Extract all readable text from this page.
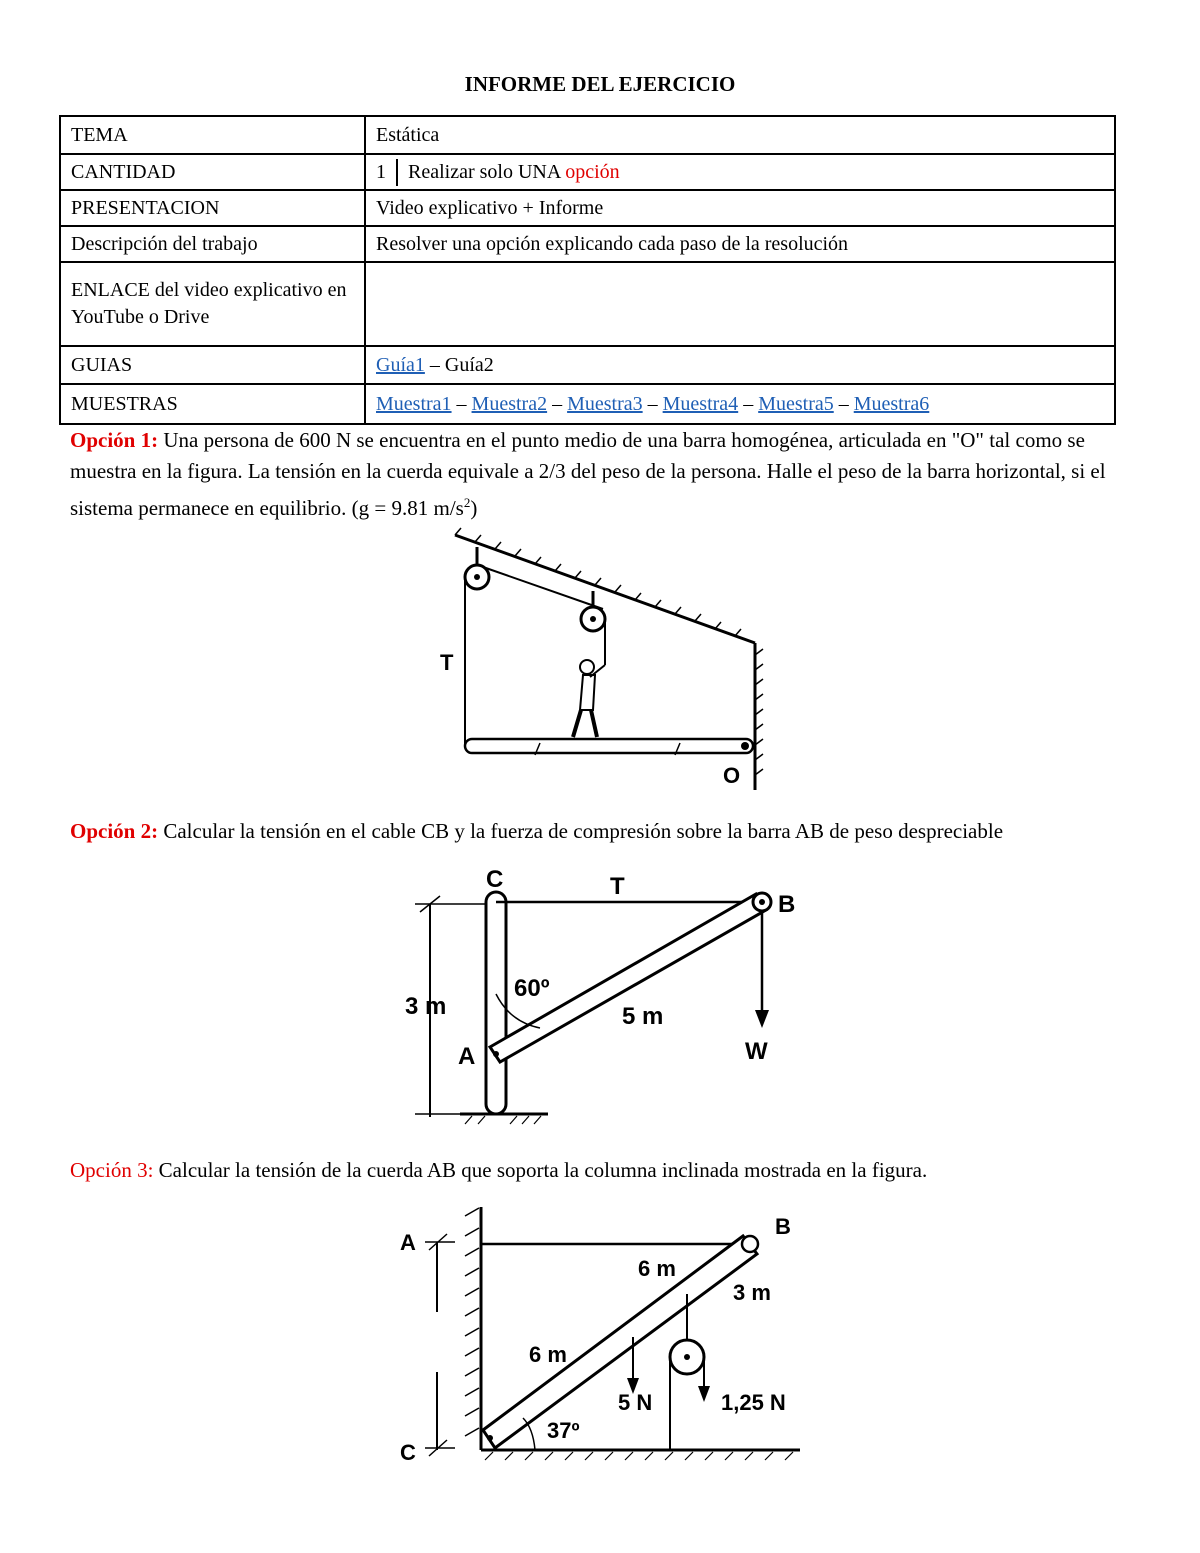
INFORME DEL EJERCICIO
TEMA	Estática
CANTIDAD	1 Realizar solo UNA opción

PRESENTACION	Video explicativo + Informe
Descripción del trabajo	Resolver una opción explicando cada paso de la resolución
ENLACE del video explicativo en YouTube o Drive	
GUIAS	Guía1 – Guía2
MUESTRAS	Muestra1 – Muestra2 – Muestra3 – Muestra4 – Muestra5 – Muestra6
Opción 1: Una persona de 600 N se encuentra en el punto medio de una barra homogénea, articulada en "O" tal como se muestra en la figura. La tensión en la cuerda equivale a 2/3 del peso de la persona. Halle el peso de la barra horizontal, si el sistema permanece en equilibrio. (g = 9.81 $m/s^2$)
T
O
Opción 2: Calcular la tensión en el cable CB y la fuerza de compresión sobre la barra AB de peso despreciable
C	T
B
A	W
3 m
60º
5 m
Opción 3: Calcular la tensión de la cuerda AB que soporta la columna inclinada mostrada en la figura.
A
B
C
6 m
6 m
3 m
5 N	1,25 N
37º
